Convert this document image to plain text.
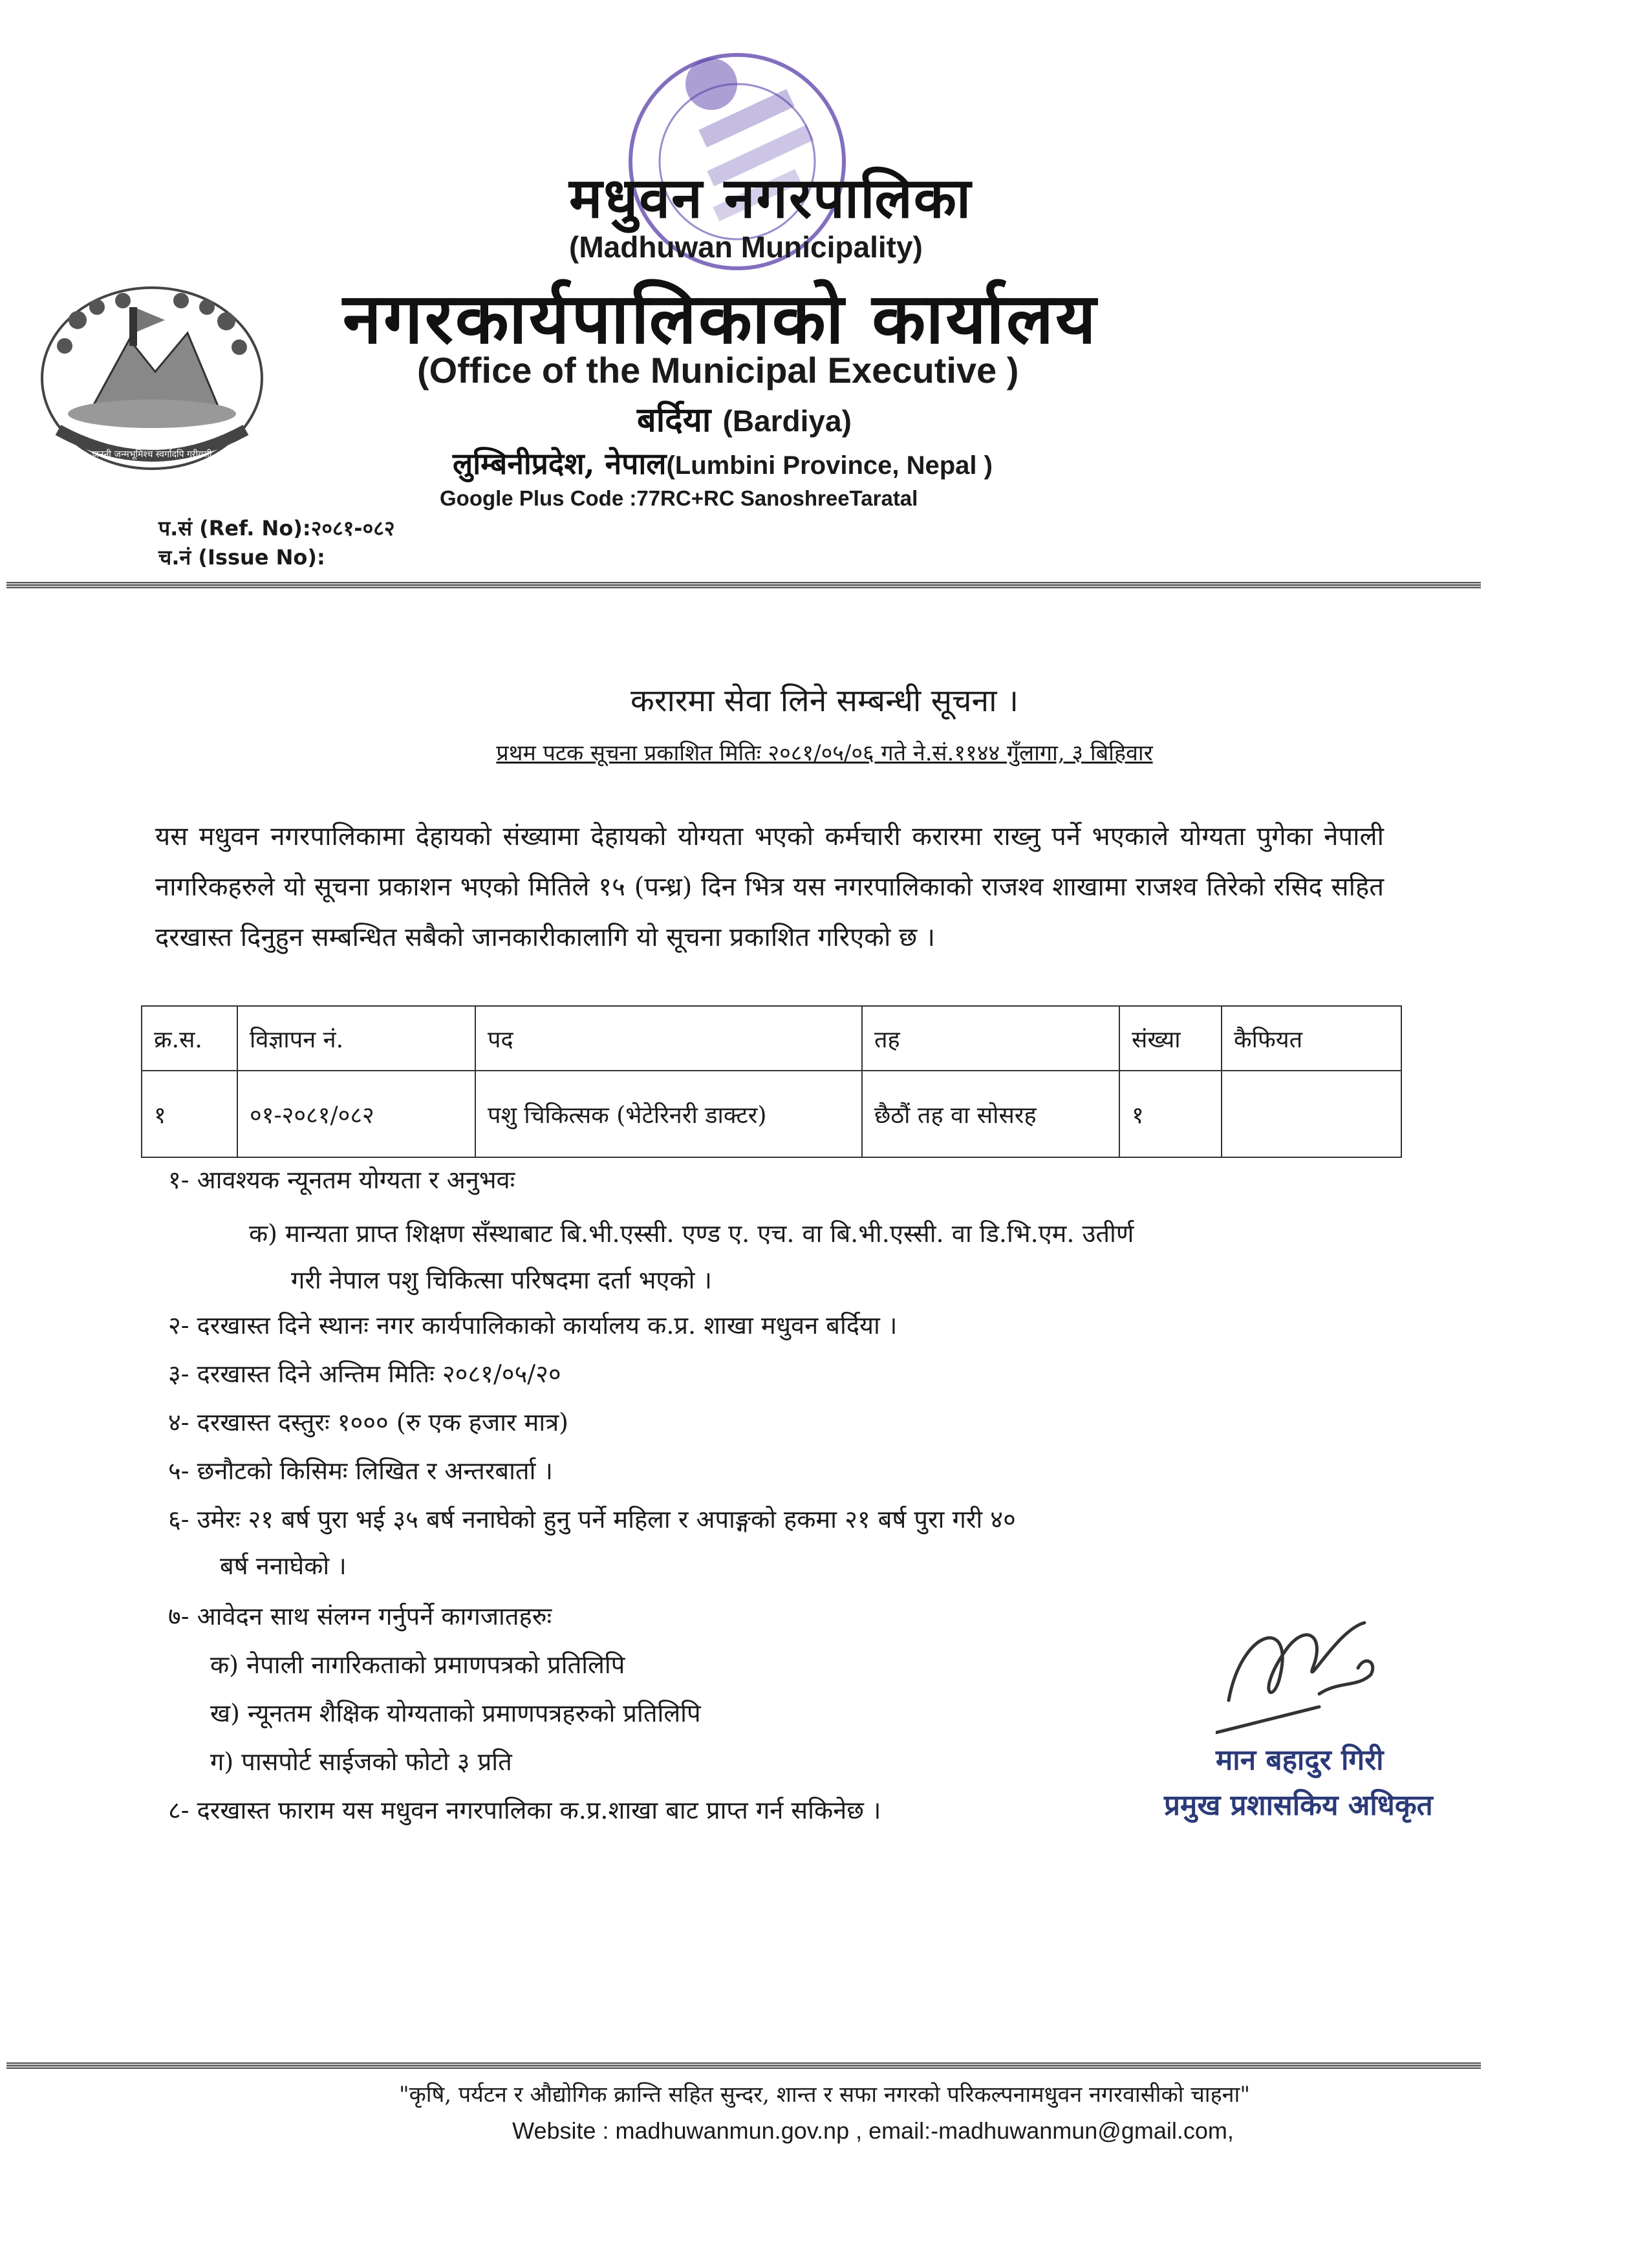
जननी जन्मभूमिश्च स्वर्गादपि गरीयसी
मधुवन नगरपालिका
(Madhuwan Municipality)
नगरकार्यपालिकाको कार्यालय
(Office of the Municipal Executive )
बर्दिया (Bardiya)
लुम्बिनीप्रदेश, नेपाल(Lumbini Province, Nepal )
Google Plus Code :77RC+RC SanoshreeTaratal
प.सं (Ref. No):२०८१-०८२
च.नं (Issue No):
करारमा सेवा लिने सम्बन्धी सूचना ।
प्रथम पटक सूचना प्रकाशित मितिः २०८१/०५/०६ गते ने.सं.११४४ गुँलागा, ३ बिहिवार
यस मधुवन नगरपालिकामा देहायको संख्यामा देहायको योग्यता भएको कर्मचारी करारमा राख्नु पर्ने भएकाले योग्यता पुगेका नेपाली नागरिकहरुले यो सूचना प्रकाशन भएको मितिले १५ (पन्ध्र) दिन भित्र यस नगरपालिकाको राजश्व शाखामा राजश्व तिरेको रसिद सहित दरखास्त दिनुहुन सम्बन्धित सबैको जानकारीकालागि यो सूचना प्रकाशित गरिएको छ ।
क्र.स.	विज्ञापन नं.	पद	तह	संख्या	कैफियत
१	०१-२०८१/०८२	पशु चिकित्सक (भेटेरिनरी डाक्टर)	छैठौं तह वा सोसरह	१	
१- आवश्यक न्यूनतम योग्यता र अनुभवः
क) मान्यता प्राप्त शिक्षण सँस्थाबाट बि.भी.एस्सी. एण्ड ए. एच. वा बि.भी.एस्सी. वा डि.भि.एम. उतीर्ण
गरी नेपाल पशु चिकित्सा परिषदमा दर्ता भएको ।
२- दरखास्त दिने स्थानः नगर कार्यपालिकाको कार्यालय क.प्र. शाखा मधुवन बर्दिया ।
३- दरखास्त दिने अन्तिम मितिः २०८१/०५/२०
४- दरखास्त दस्तुरः १००० (रु एक हजार मात्र)
५- छनौटको किसिमः लिखित र अन्तरबार्ता ।
६- उमेरः २१ बर्ष पुरा भई ३५ बर्ष ननाघेको हुनु पर्ने महिला र अपाङ्गको हकमा २१ बर्ष पुरा गरी ४०
बर्ष ननाघेको ।
७- आवेदन साथ संलग्न गर्नुपर्ने कागजातहरुः
क) नेपाली नागरिकताको प्रमाणपत्रको प्रतिलिपि
ख) न्यूनतम शैक्षिक योग्यताको प्रमाणपत्रहरुको प्रतिलिपि
ग) पासपोर्ट साईजको फोटो ३ प्रति
८- दरखास्त फाराम यस मधुवन नगरपालिका क.प्र.शाखा बाट प्राप्त गर्न सकिनेछ ।
मान बहादुर गिरी
प्रमुख प्रशासकिय अधिकृत
"कृषि, पर्यटन र औद्योगिक क्रान्ति सहित सुन्दर, शान्त र सफा नगरको परिकल्पनामधुवन नगरवासीको चाहना"
Website : madhuwanmun.gov.np , email:-madhuwanmun@gmail.com,
